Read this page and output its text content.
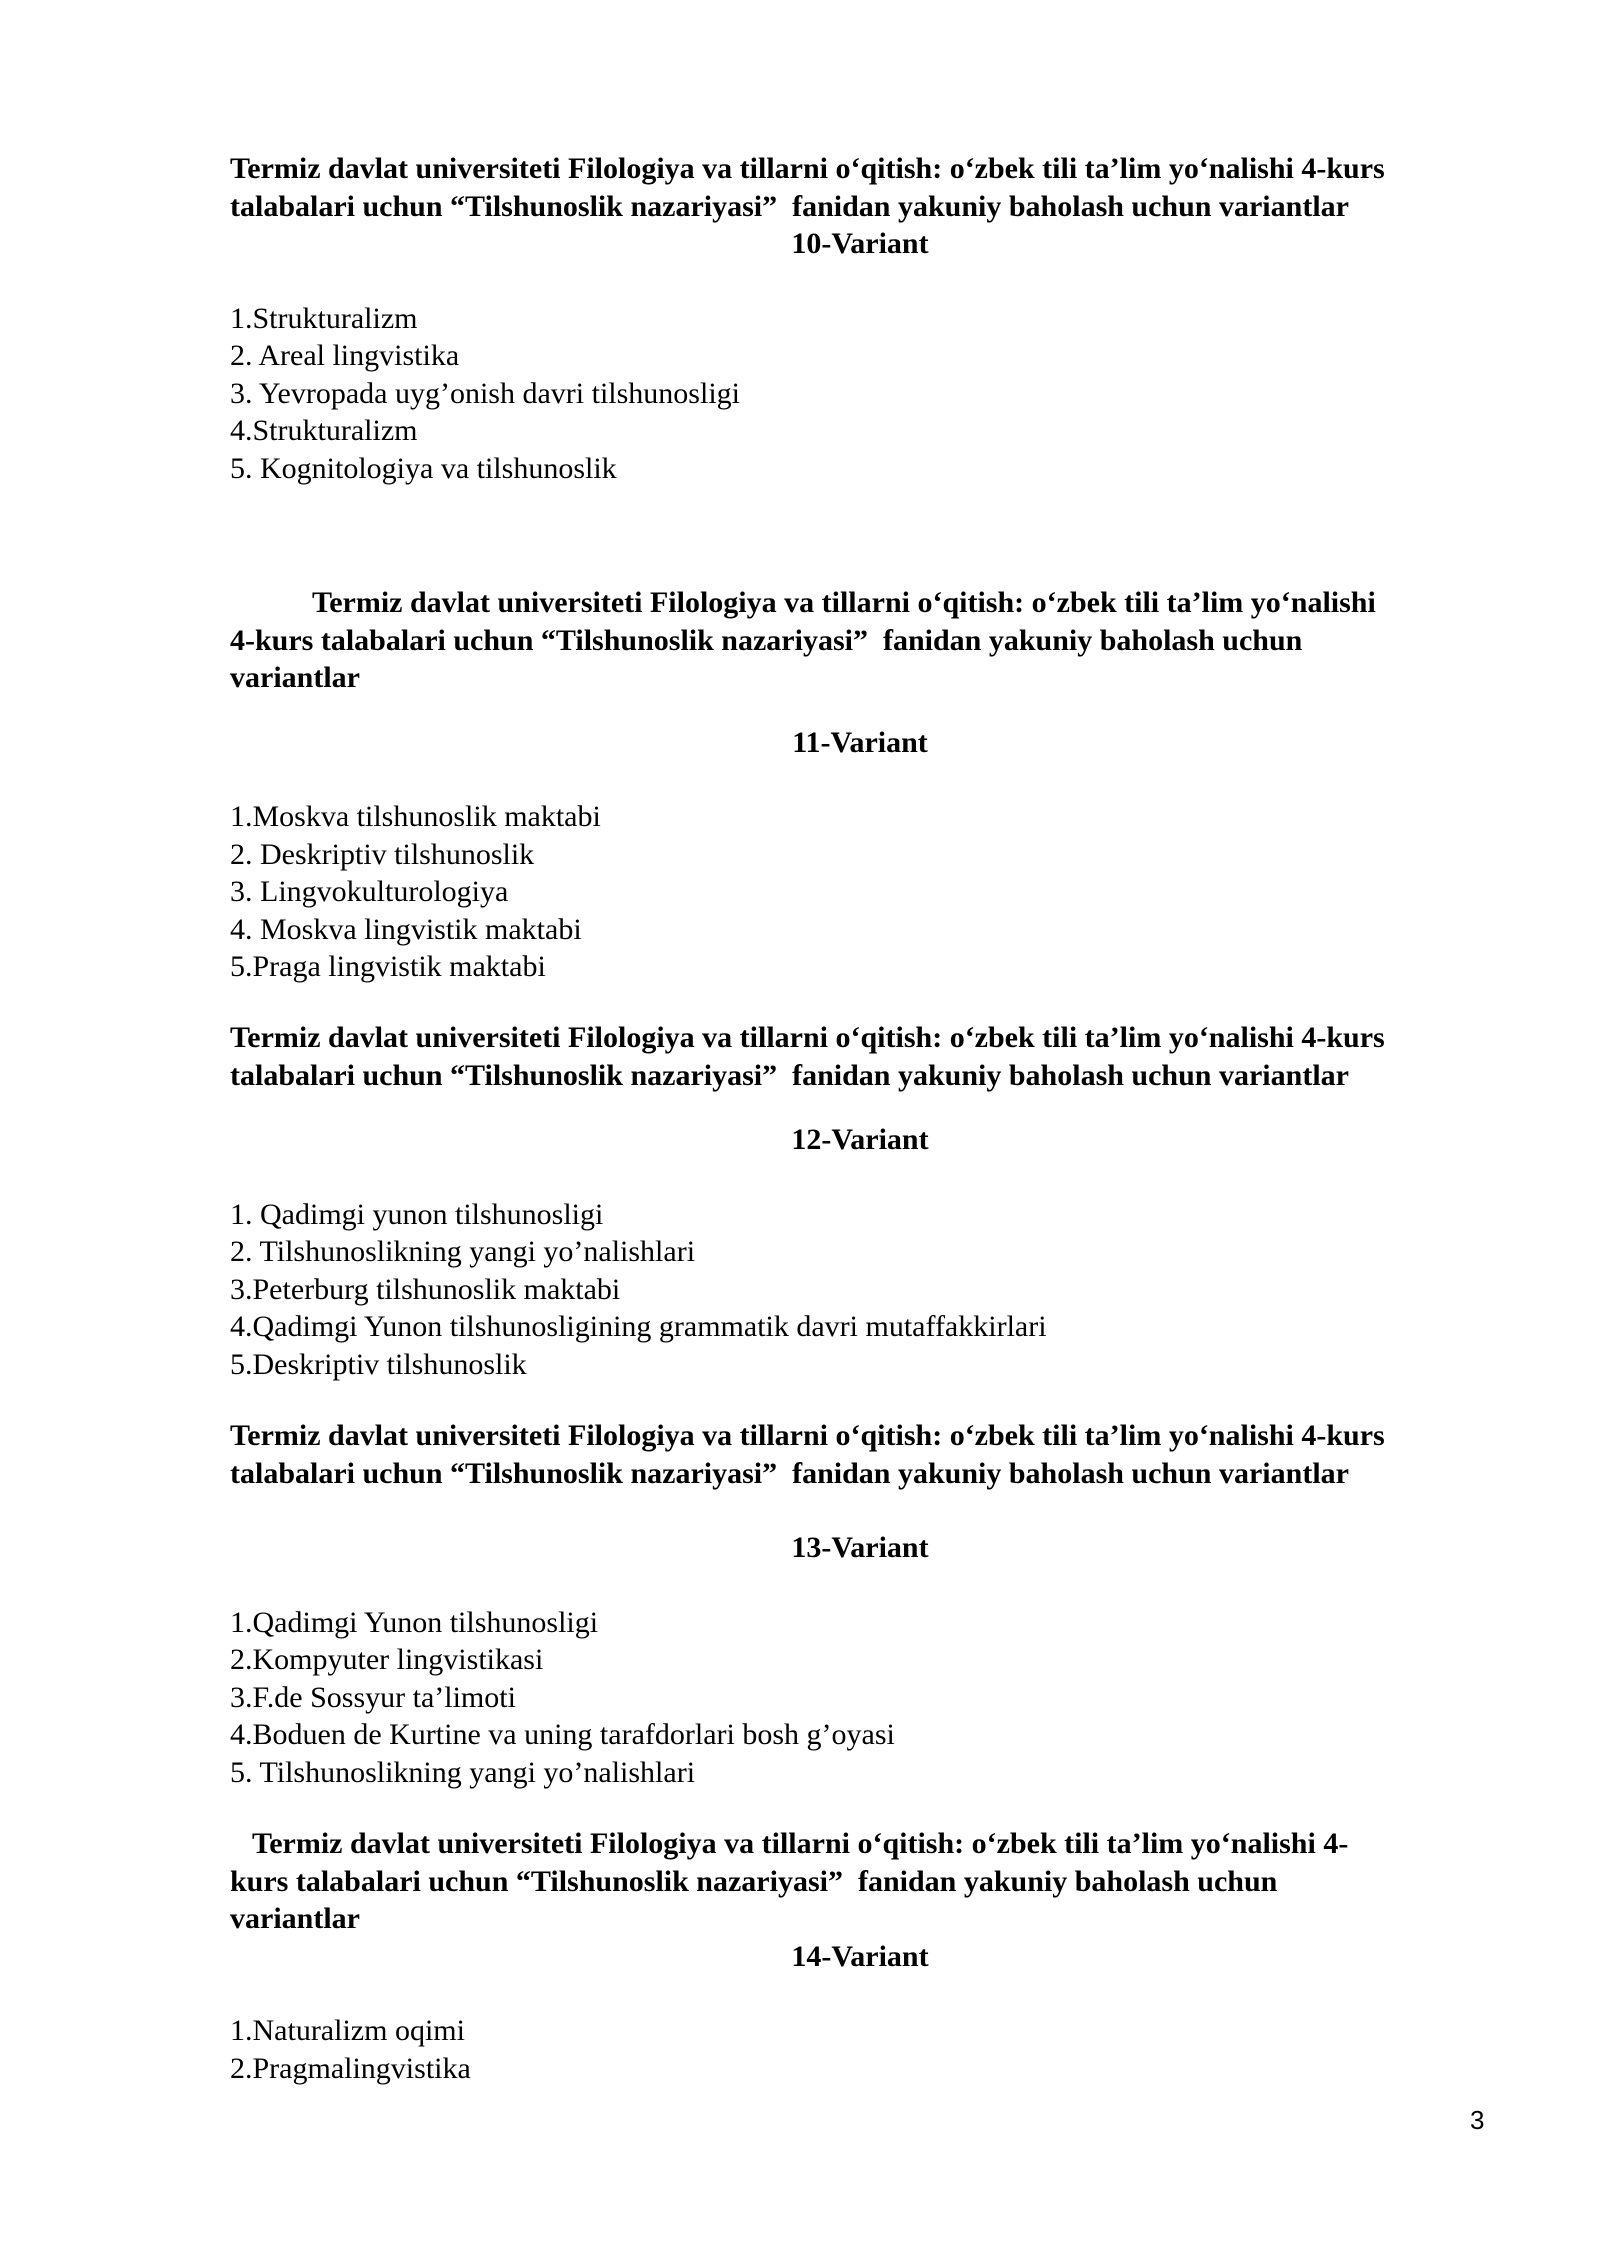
Termiz davlat universiteti Filologiya va tillarni o‘qitish: o‘zbek tili ta’lim yo‘nalishi 4-kurs
talabalari uchun “Tilshunoslik nazariyasi”  fanidan yakuniy baholash uchun variantlar
10-Variant
1.Strukturalizm
2. Areal lingvistika
3. Yevropada uyg’onish davri tilshunosligi
4.Strukturalizm
5. Kognitologiya va tilshunoslik
Termiz davlat universiteti Filologiya va tillarni o‘qitish: o‘zbek tili ta’lim yo‘nalishi
4-kurs talabalari uchun “Tilshunoslik nazariyasi”  fanidan yakuniy baholash uchun
variantlar
11-Variant
1.Moskva tilshunoslik maktabi
2. Deskriptiv tilshunoslik
3. Lingvokulturologiya
4. Moskva lingvistik maktabi
5.Praga lingvistik maktabi
Termiz davlat universiteti Filologiya va tillarni o‘qitish: o‘zbek tili ta’lim yo‘nalishi 4-kurs
talabalari uchun “Tilshunoslik nazariyasi”  fanidan yakuniy baholash uchun variantlar
12-Variant
1. Qadimgi yunon tilshunosligi
2. Tilshunoslikning yangi yo’nalishlari
3.Peterburg tilshunoslik maktabi
4.Qadimgi Yunon tilshunosligining grammatik davri mutaffakkirlari
5.Deskriptiv tilshunoslik
Termiz davlat universiteti Filologiya va tillarni o‘qitish: o‘zbek tili ta’lim yo‘nalishi 4-kurs
talabalari uchun “Tilshunoslik nazariyasi”  fanidan yakuniy baholash uchun variantlar
13-Variant
1.Qadimgi Yunon tilshunosligi
2.Kompyuter lingvistikasi
3.F.de Sossyur ta’limoti
4.Boduen de Kurtine va uning tarafdorlari bosh g’oyasi
5. Tilshunoslikning yangi yo’nalishlari
Termiz davlat universiteti Filologiya va tillarni o‘qitish: o‘zbek tili ta’lim yo‘nalishi 4-
kurs talabalari uchun “Tilshunoslik nazariyasi”  fanidan yakuniy baholash uchun
variantlar
14-Variant
1.Naturalizm oqimi
2.Pragmalingvistika
3
